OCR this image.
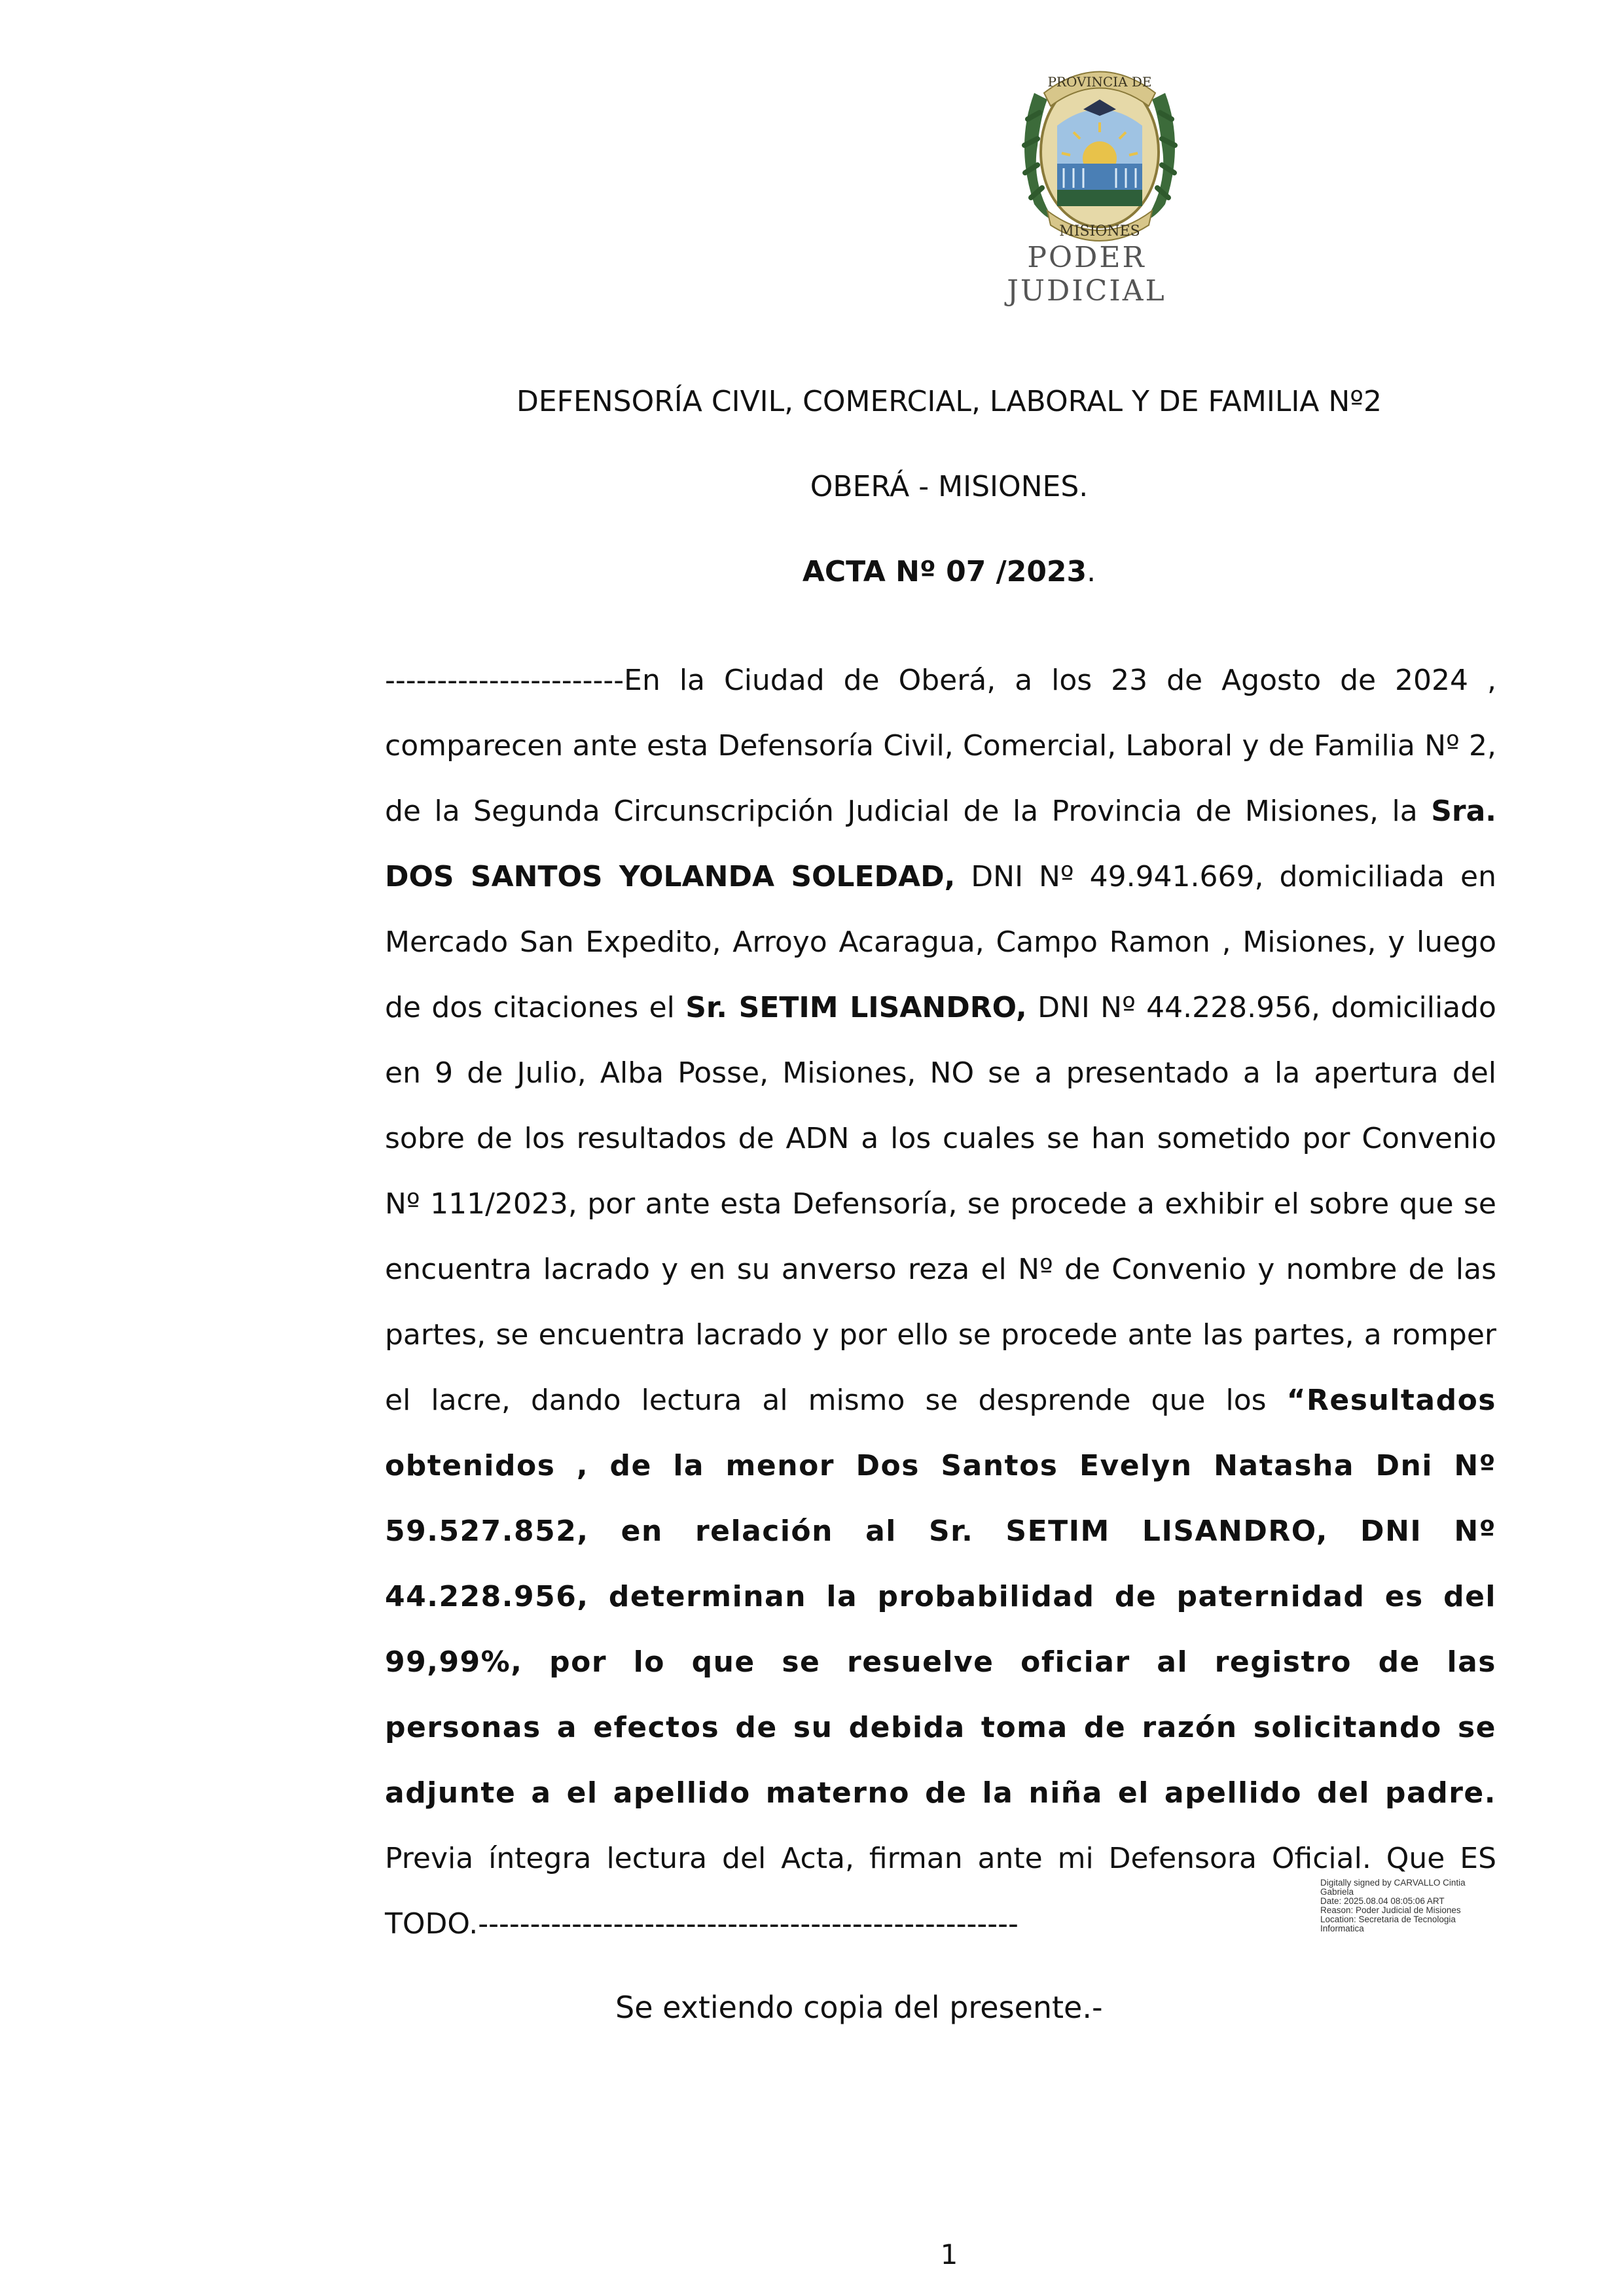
PROVINCIA DE
MISIONES
PODER JUDICIAL
DEFENSORÍA CIVIL, COMERCIAL, LABORAL Y DE FAMILIA Nº2
OBERÁ - MISIONES.
ACTA Nº 07 /2023.
-----------------------En la Ciudad de Oberá, a los 23 de Agosto de 2024 , comparecen ante esta Defensoría Civil, Comercial, Laboral y de Familia Nº 2, de la Segunda Circunscripción Judicial de la Provincia de Misiones, la Sra. DOS SANTOS YOLANDA SOLEDAD, DNI Nº 49.941.669, domiciliada en Mercado San Expedito, Arroyo Acaragua, Campo Ramon , Misiones, y luego de dos citaciones el Sr. SETIM LISANDRO, DNI Nº 44.228.956, domiciliado en 9 de Julio, Alba Posse, Misiones, NO se a presentado a la apertura del sobre de los resultados de ADN a los cuales se han sometido por Convenio Nº 111/2023, por ante esta Defensoría, se procede a exhibir el sobre que se encuentra lacrado y en su anverso reza el Nº de Convenio y nombre de las partes, se encuentra lacrado y por ello se procede ante las partes, a romper el lacre, dando lectura al mismo se desprende que los “Resultados obtenidos , de la menor Dos Santos Evelyn Natasha Dni Nº 59.527.852, en relación al Sr. SETIM LISANDRO, DNI Nº 44.228.956, determinan la probabilidad de paternidad es del 99,99%, por lo que se resuelve oficiar al registro de las personas a efectos de su debida toma de razón solicitando se adjunte a el apellido materno de la niña el apellido del padre. Previa íntegra lectura del Acta, firman ante mi Defensora Oficial. Que ES TODO.----------------------------------------------------
Digitally signed by CARVALLO Cintia
Gabriela
Date: 2025.08.04 08:05:06 ART
Reason: Poder Judicial de Misiones
Location: Secretaria de Tecnologia
Informatica
Se extiendo copia del presente.-
1
